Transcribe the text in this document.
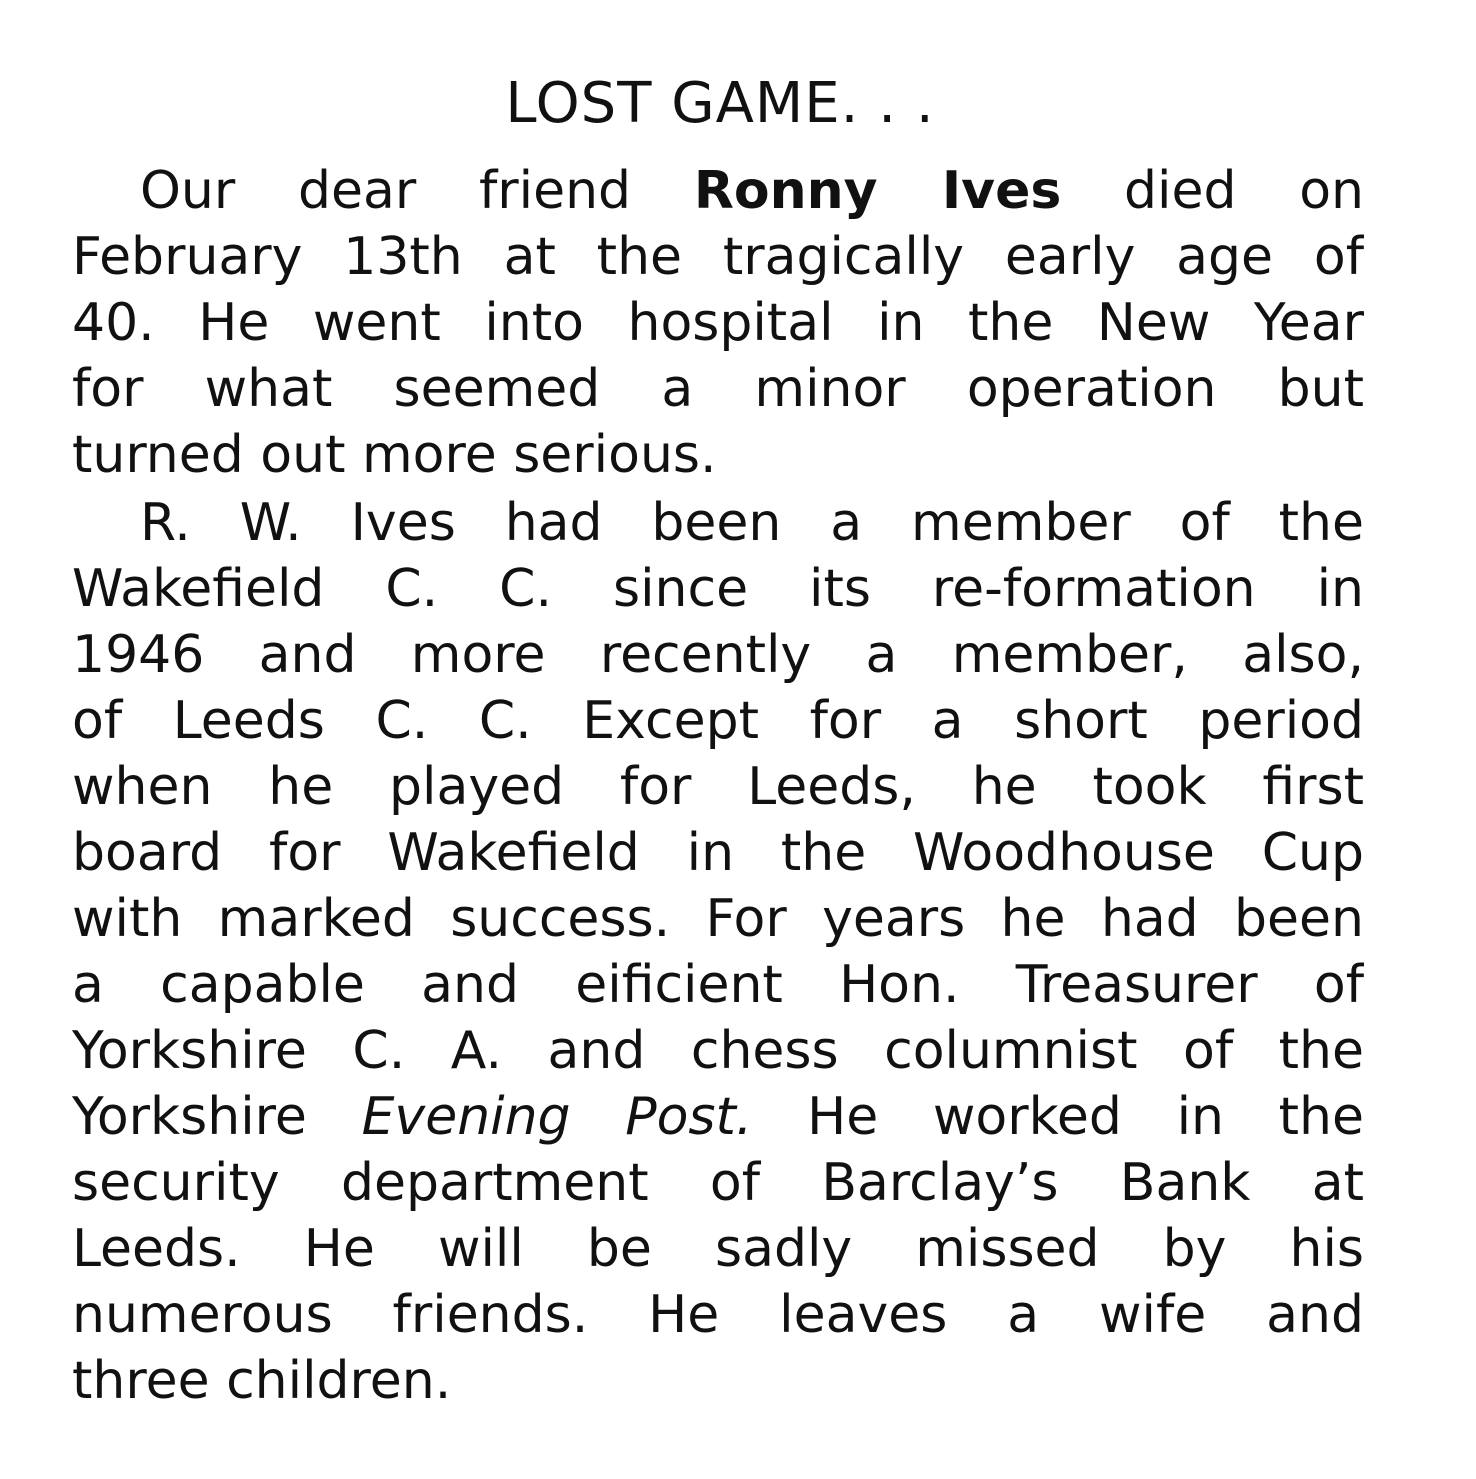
LOST GAME. . .
Our dear friend Ronny Ives died on
February 13th at the tragically early age of
40. He went into hospital in the New Year
for what seemed a minor operation but
turned out more serious.
R. W. Ives had been a member of the
Wakefield C. C. since its re-formation in
1946 and more recently a member, also,
of Leeds C. C. Except for a short period
when he played for Leeds, he took first
board for Wakefield in the Woodhouse Cup
with marked success. For years he had been
a capable and eificient Hon. Treasurer of
Yorkshire C. A. and chess columnist of the
Yorkshire Evening Post. He worked in the
security department of Barclay’s Bank at
Leeds. He will be sadly missed by his
numerous friends. He leaves a wife and
three children.
